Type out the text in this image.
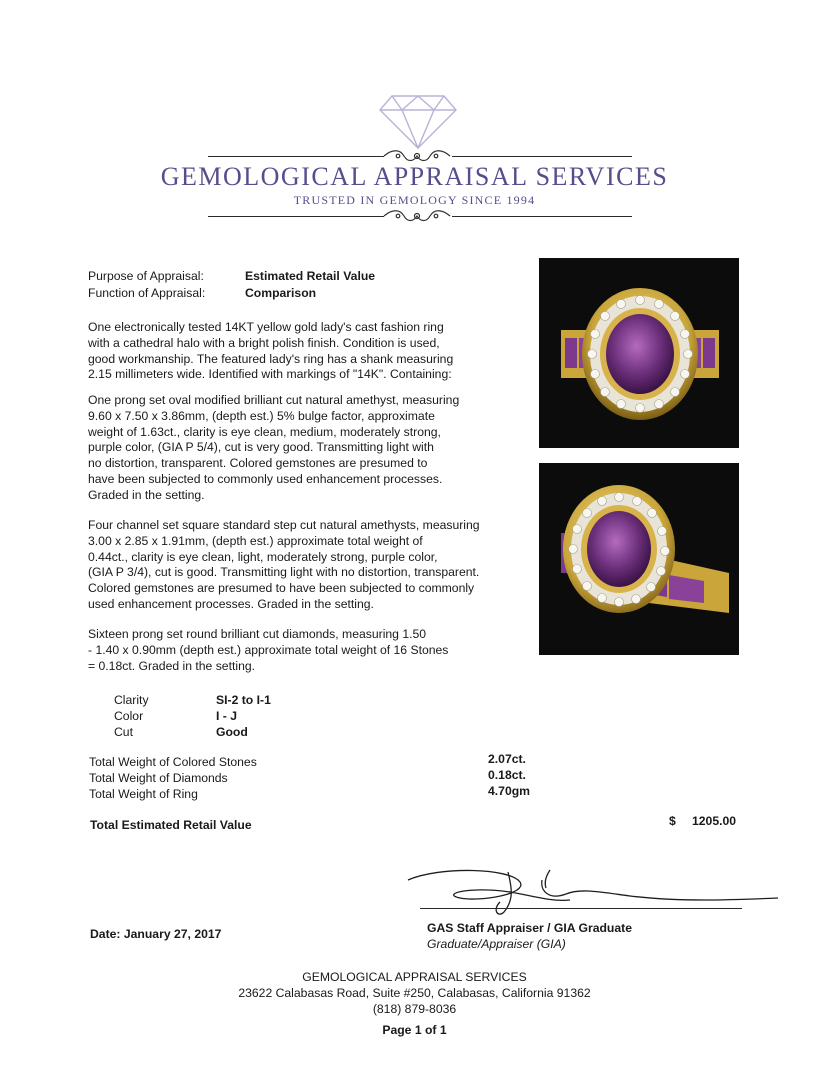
GEMOLOGICAL APPRAISAL SERVICES
TRUSTED IN GEMOLOGY SINCE 1994
Purpose of Appraisal:	Estimated Retail Value
Function of Appraisal:	Comparison
One electronically tested 14KT yellow gold lady's cast fashion ring
with a cathedral halo with a bright polish finish. Condition is used,
good workmanship. The featured lady's ring has a shank measuring
2.15 millimeters wide. Identified with markings of "14K". Containing:
One prong set oval modified brilliant cut natural amethyst, measuring
9.60 x 7.50 x 3.86mm, (depth est.) 5% bulge factor, approximate
weight of 1.63ct., clarity is eye clean, medium, moderately strong,
purple color, (GIA P 5/4), cut is very good. Transmitting light with
no distortion, transparent. Colored gemstones are presumed to
have been subjected to commonly used enhancement processes.
Graded in the setting.
Four channel set square standard step cut natural amethysts, measuring
3.00 x 2.85 x 1.91mm, (depth est.) approximate total weight of
0.44ct., clarity is eye clean, light, moderately strong, purple color,
(GIA P 3/4), cut is good. Transmitting light with no distortion, transparent.
Colored gemstones are presumed to have been subjected to commonly
used enhancement processes. Graded in the setting.
Sixteen prong set round brilliant cut diamonds, measuring 1.50
- 1.40 x 0.90mm (depth est.) approximate total weight of 16 Stones
= 0.18ct. Graded in the setting.
Clarity	SI-2 to I-1
Color	I - J
Cut	Good
Total Weight of Colored Stones	2.07ct.
Total Weight of Diamonds	0.18ct.
Total Weight of Ring	4.70gm
Total Estimated Retail Value	$ 1205.00
GAS Staff Appraiser / GIA Graduate
Graduate/Appraiser (GIA)
Date: January 27, 2017
GEMOLOGICAL APPRAISAL SERVICES
23622 Calabasas Road, Suite #250, Calabasas, California 91362
(818) 879-8036
Page 1 of 1
